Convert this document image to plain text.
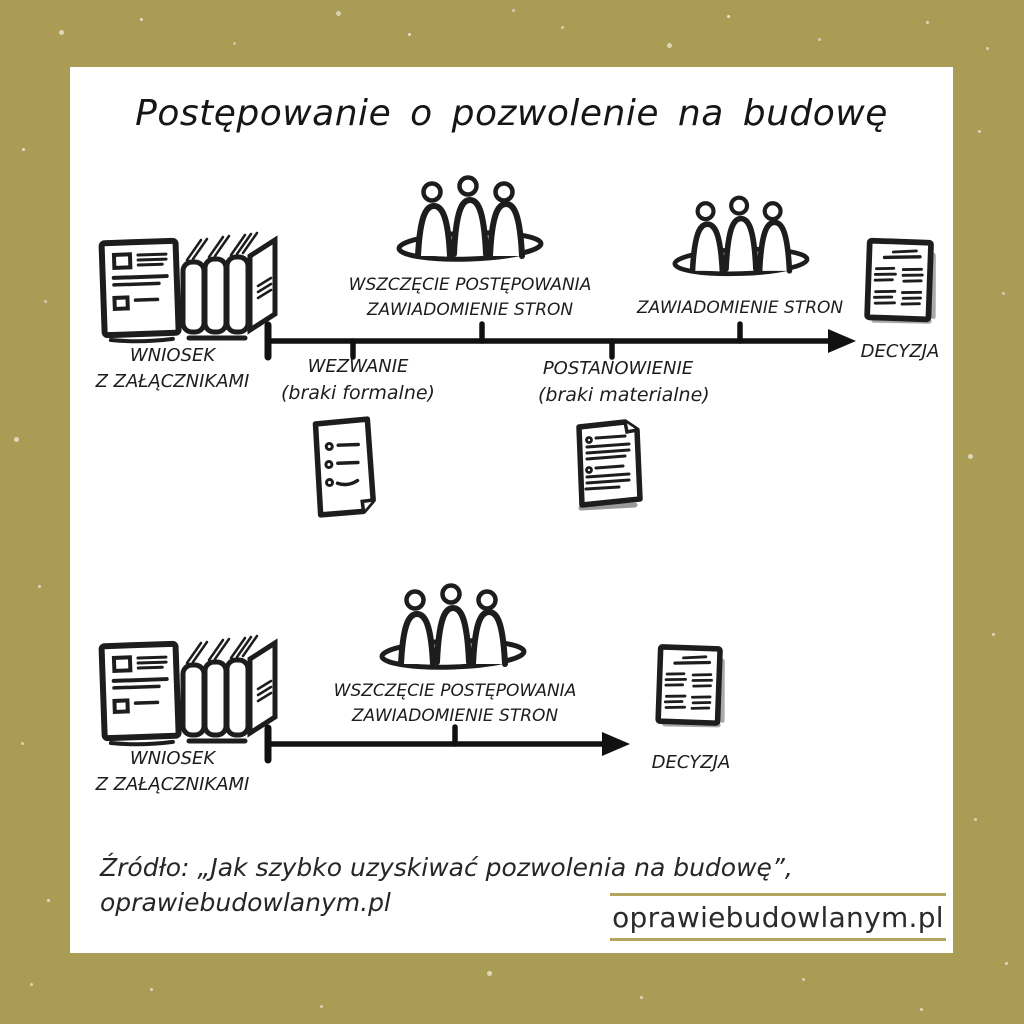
Postępowanie o pozwolenie na budowę
WNIOSEK
Z ZAŁĄCZNIKAMI
WSZCZĘCIE POSTĘPOWANIA
ZAWIADOMIENIE STRON	ZAWIADOMIENIE STRON
DECYZJA
WEZWANIE
(braki formalne)
POSTANOWIENIE
(braki materialne)
WNIOSEK
Z ZAŁĄCZNIKAMI
WSZCZĘCIE POSTĘPOWANIA
ZAWIADOMIENIE STRON
DECYZJA
Źródło: „Jak szybko uzyskiwać pozwolenia na budowę”,
oprawiebudowlanym.pl	oprawiebudowlanym.pl
